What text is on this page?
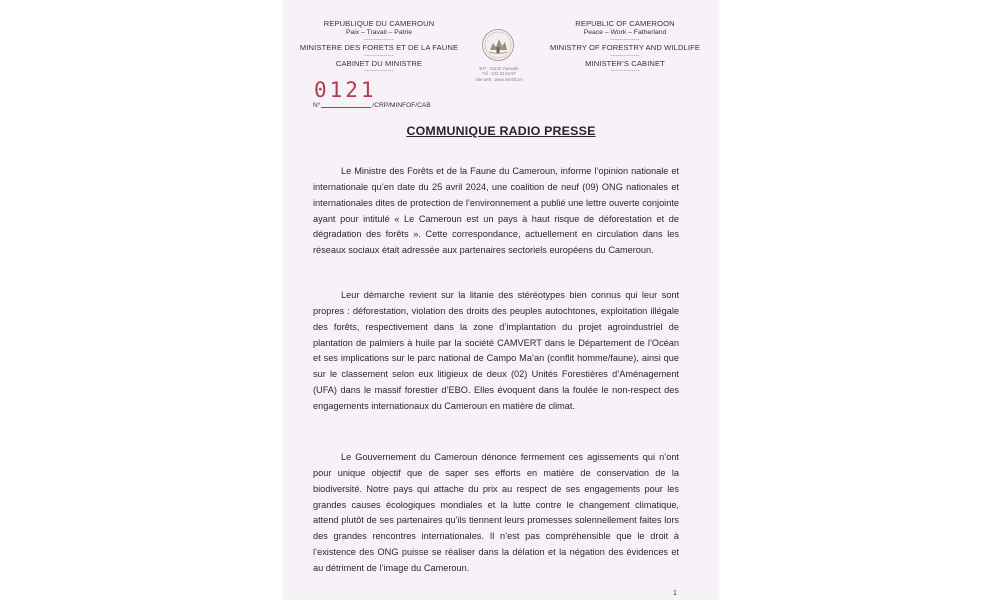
REPUBLIQUE DU CAMEROUN
Paix – Travail – Patrie
---------------
MINISTERE DES FORETS ET DE LA FAUNE
---------------
CABINET DU MINISTRE
---------------	B.P : 34430 Yaoundé
Tél : 222 22 54 87
Site web : www.minfof.cm
REPUBLIC OF CAMEROON
Peace – Work – Fatherland
---------------
MINISTRY OF FORESTRY AND WILDLIFE
---------------
MINISTER’S CABINET
---------------
0121
N°	/CRP/MINFOF/CAB
COMMUNIQUE RADIO PRESSE

Le Ministre des Forêts et de la Faune du Cameroun, informe l’opinion nationale et internationale qu’en date du 25 avril 2024, une coalition de neuf (09) ONG nationales et internationales dites de protection de l’environnement a publié une lettre ouverte conjointe ayant pour intitulé « Le Cameroun est un pays à haut risque de déforestation et de dégradation des forêts ». Cette correspondance, actuellement en circulation dans les réseaux sociaux était adressée aux partenaires sectoriels européens du Cameroun.

Leur démarche revient sur la litanie des stéréotypes bien connus qui leur sont propres : déforestation, violation des droits des peuples autochtones, exploitation illégale des forêts, respectivement dans la zone d’implantation du projet agroindustriel de plantation de palmiers à huile par la société CAMVERT dans le Département de l’Océan et ses implications sur le parc national de Campo Ma’an (conflit homme/faune), ainsi que sur le classement selon eux litigieux de deux (02) Unités Forestières d’Aménagement (UFA) dans le massif forestier d’EBO. Elles évoquent dans la foulée le non-respect des engagements internationaux du Cameroun en matière de climat.

Le Gouvernement du Cameroun dénonce fermement ces agissements qui n’ont pour unique objectif que de saper ses efforts en matière de conservation de la biodiversité. Notre pays qui attache du prix au respect de ses engagements pour les grandes causes écologiques mondiales et la lutte contre le changement climatique, attend plutôt de ses partenaires qu’ils tiennent leurs promesses solennellement faites lors des grandes rencontres internationales. Il n’est pas compréhensible que le droit à l’existence des ONG puisse se réaliser dans la délation et la négation des évidences et au détriment de l’image du Cameroun.

1
